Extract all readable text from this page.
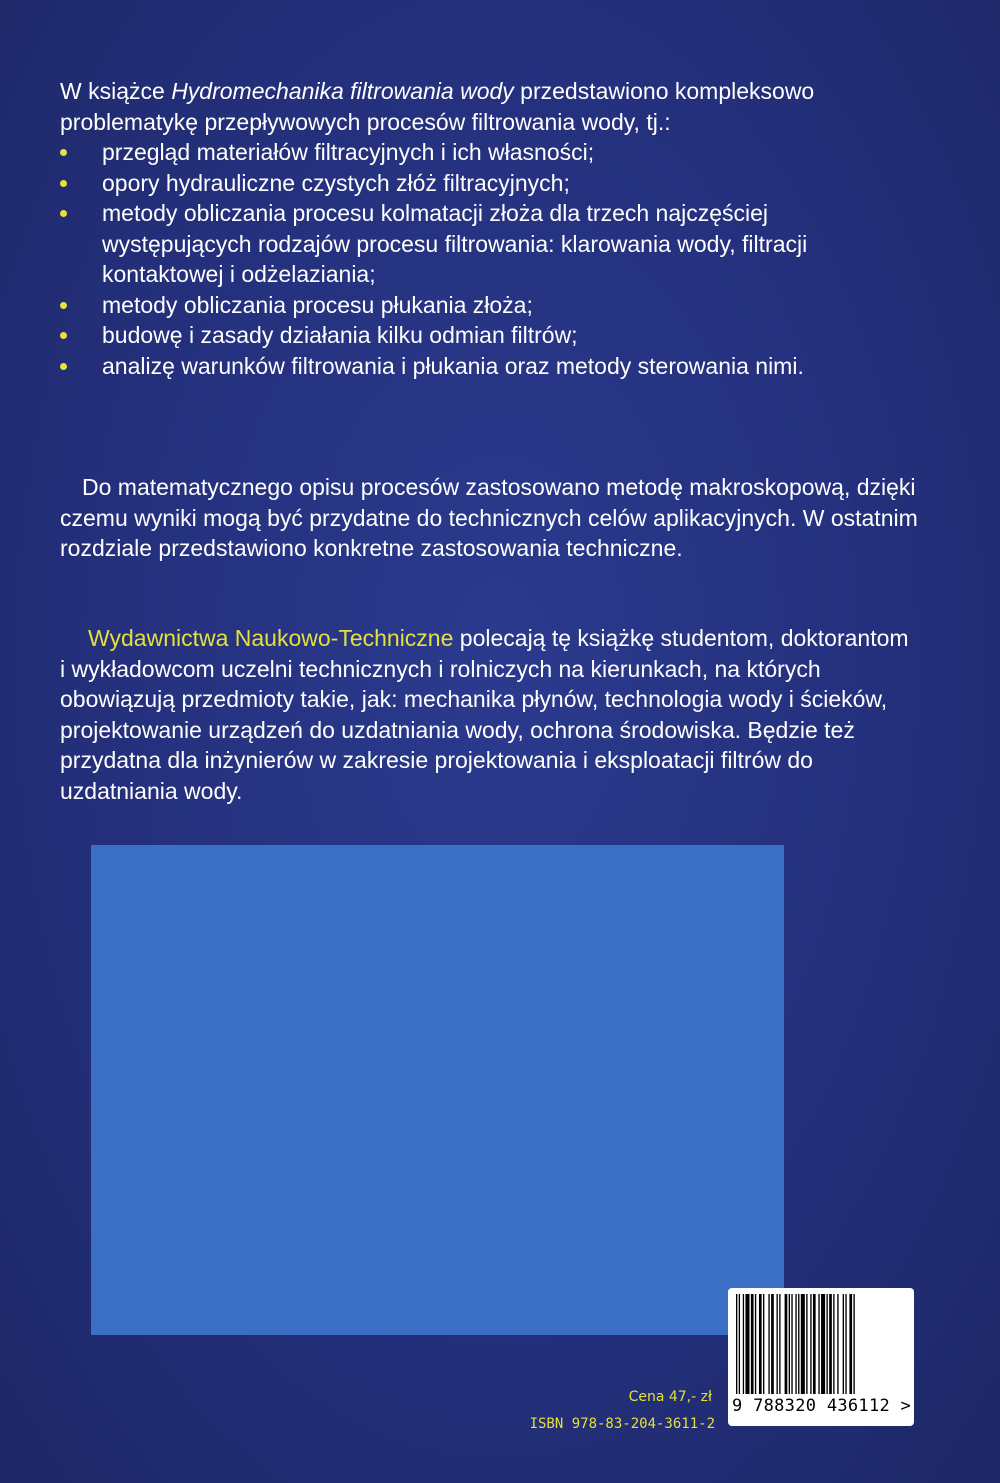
W książce Hydromechanika filtrowania wody przedstawiono kompleksowo problematykę przepływowych procesów filtrowania wody, tj.:
przegląd materiałów filtracyjnych i ich własności;
opory hydrauliczne czystych złóż filtracyjnych;
metody obliczania procesu kolmatacji złoża dla trzech najczęściej występujących rodzajów procesu filtrowania: klarowania wody, filtracji kontaktowej i odżelaziania;
metody obliczania procesu płukania złoża;
budowę i zasady działania kilku odmian filtrów;
analizę warunków filtrowania i płukania oraz metody sterowania nimi.
Do matematycznego opisu procesów zastosowano metodę makroskopową, dzięki czemu wyniki mogą być przydatne do technicznych celów aplikacyjnych. W ostatnim rozdziale przedstawiono konkretne zastosowania techniczne.
Wydawnictwa Naukowo-Techniczne polecają tę książkę studentom, doktorantom i wykładowcom uczelni technicznych i rolniczych na kierunkach, na których obowiązują przedmioty takie, jak: mechanika płynów, technologia wody i ścieków, projektowanie urządzeń do uzdatniania wody, ochrona środowiska. Będzie też przydatna dla inżynierów w zakresie projektowania i eksploatacji filtrów do uzdatniania wody.
Cena 47,- zł
ISBN 978-83-204-3611-2
9 788320 436112 >
